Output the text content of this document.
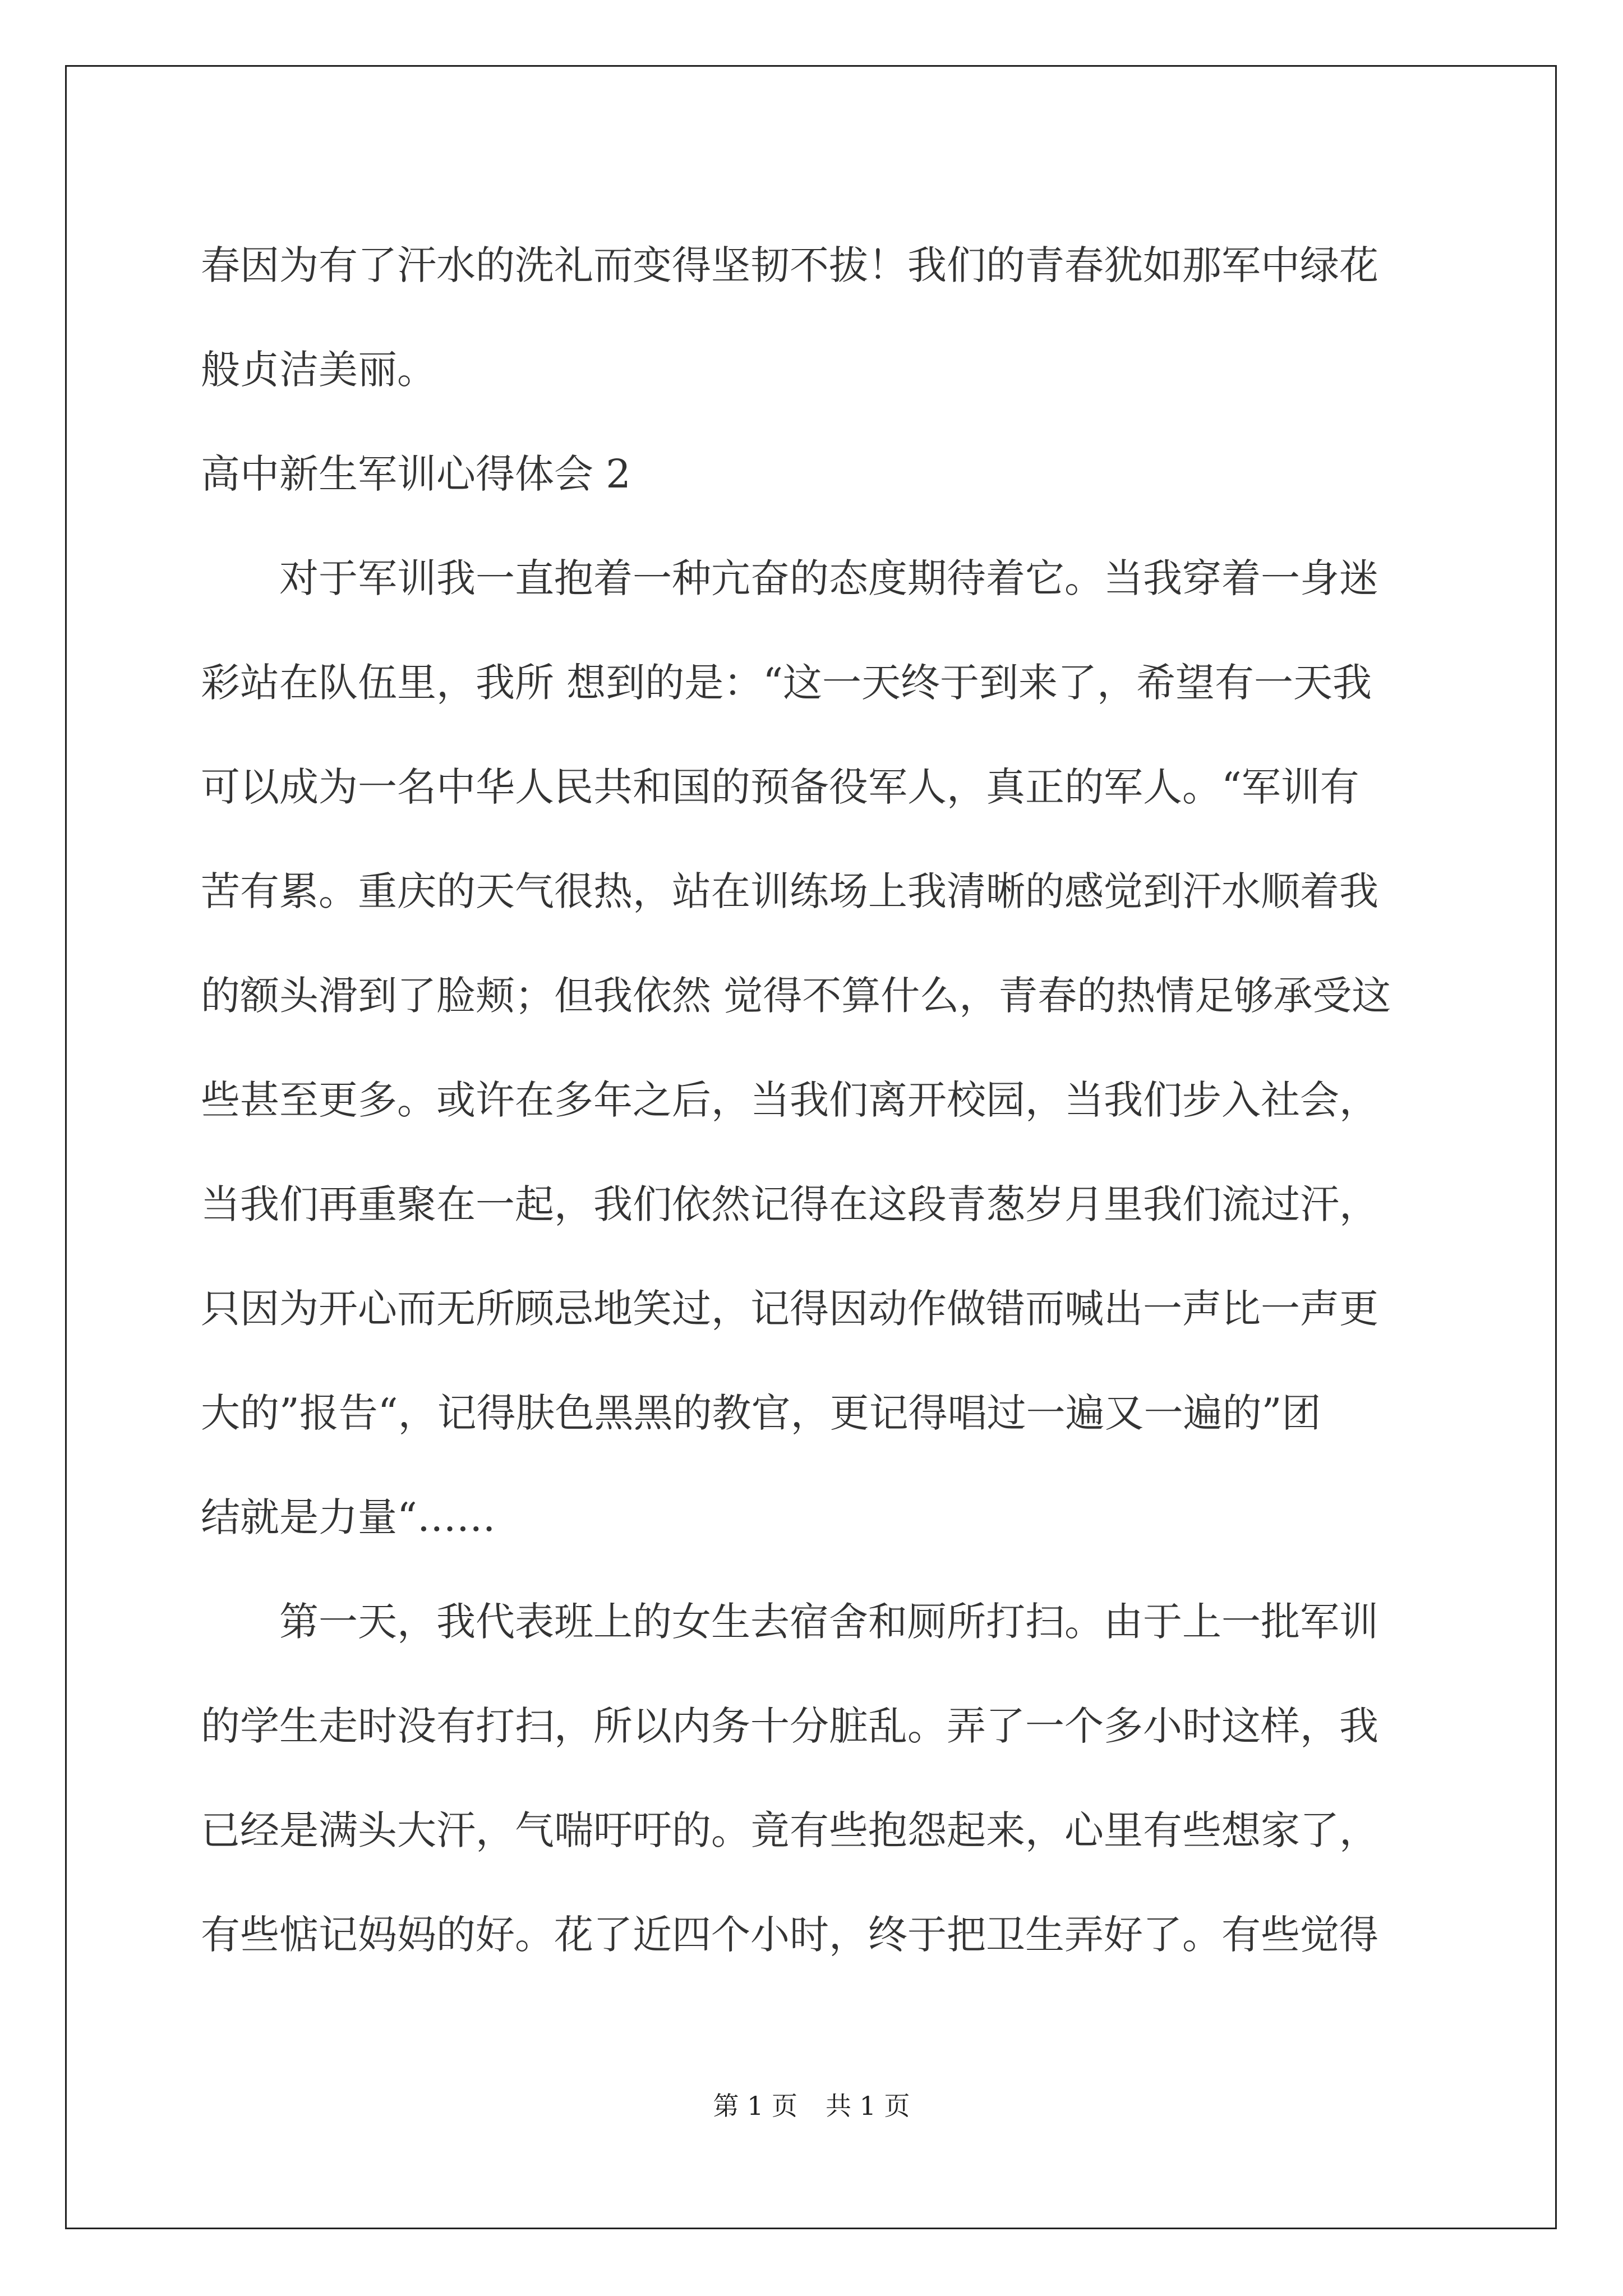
春因为有了汗水的洗礼而变得坚韧不拔！我们的青春犹如那军中绿花
般贞洁美丽。
高中新生军训心得体会 2
　　对于军训我一直抱着一种亢奋的态度期待着它。当我穿着一身迷
彩站在队伍里，我所 想到的是：“这一天终于到来了，希望有一天我
可以成为一名中华人民共和国的预备役军人，真正的军人。“军训有
苦有累。重庆的天气很热，站在训练场上我清晰的感觉到汗水顺着我
的额头滑到了脸颊；但我依然 觉得不算什么，青春的热情足够承受这
些甚至更多。或许在多年之后，当我们离开校园，当我们步入社会，
当我们再重聚在一起，我们依然记得在这段青葱岁月里我们流过汗，
只因为开心而无所顾忌地笑过，记得因动作做错而喊出一声比一声更
大的”报告“，记得肤色黑黑的教官，更记得唱过一遍又一遍的”团
结就是力量“……
　　第一天，我代表班上的女生去宿舍和厕所打扫。由于上一批军训
的学生走时没有打扫，所以内务十分脏乱。弄了一个多小时这样，我
已经是满头大汗，气喘吁吁的。竟有些抱怨起来，心里有些想家了，
有些惦记妈妈的好。花了近四个小时，终于把卫生弄好了。有些觉得
第 1 页 共 1 页
